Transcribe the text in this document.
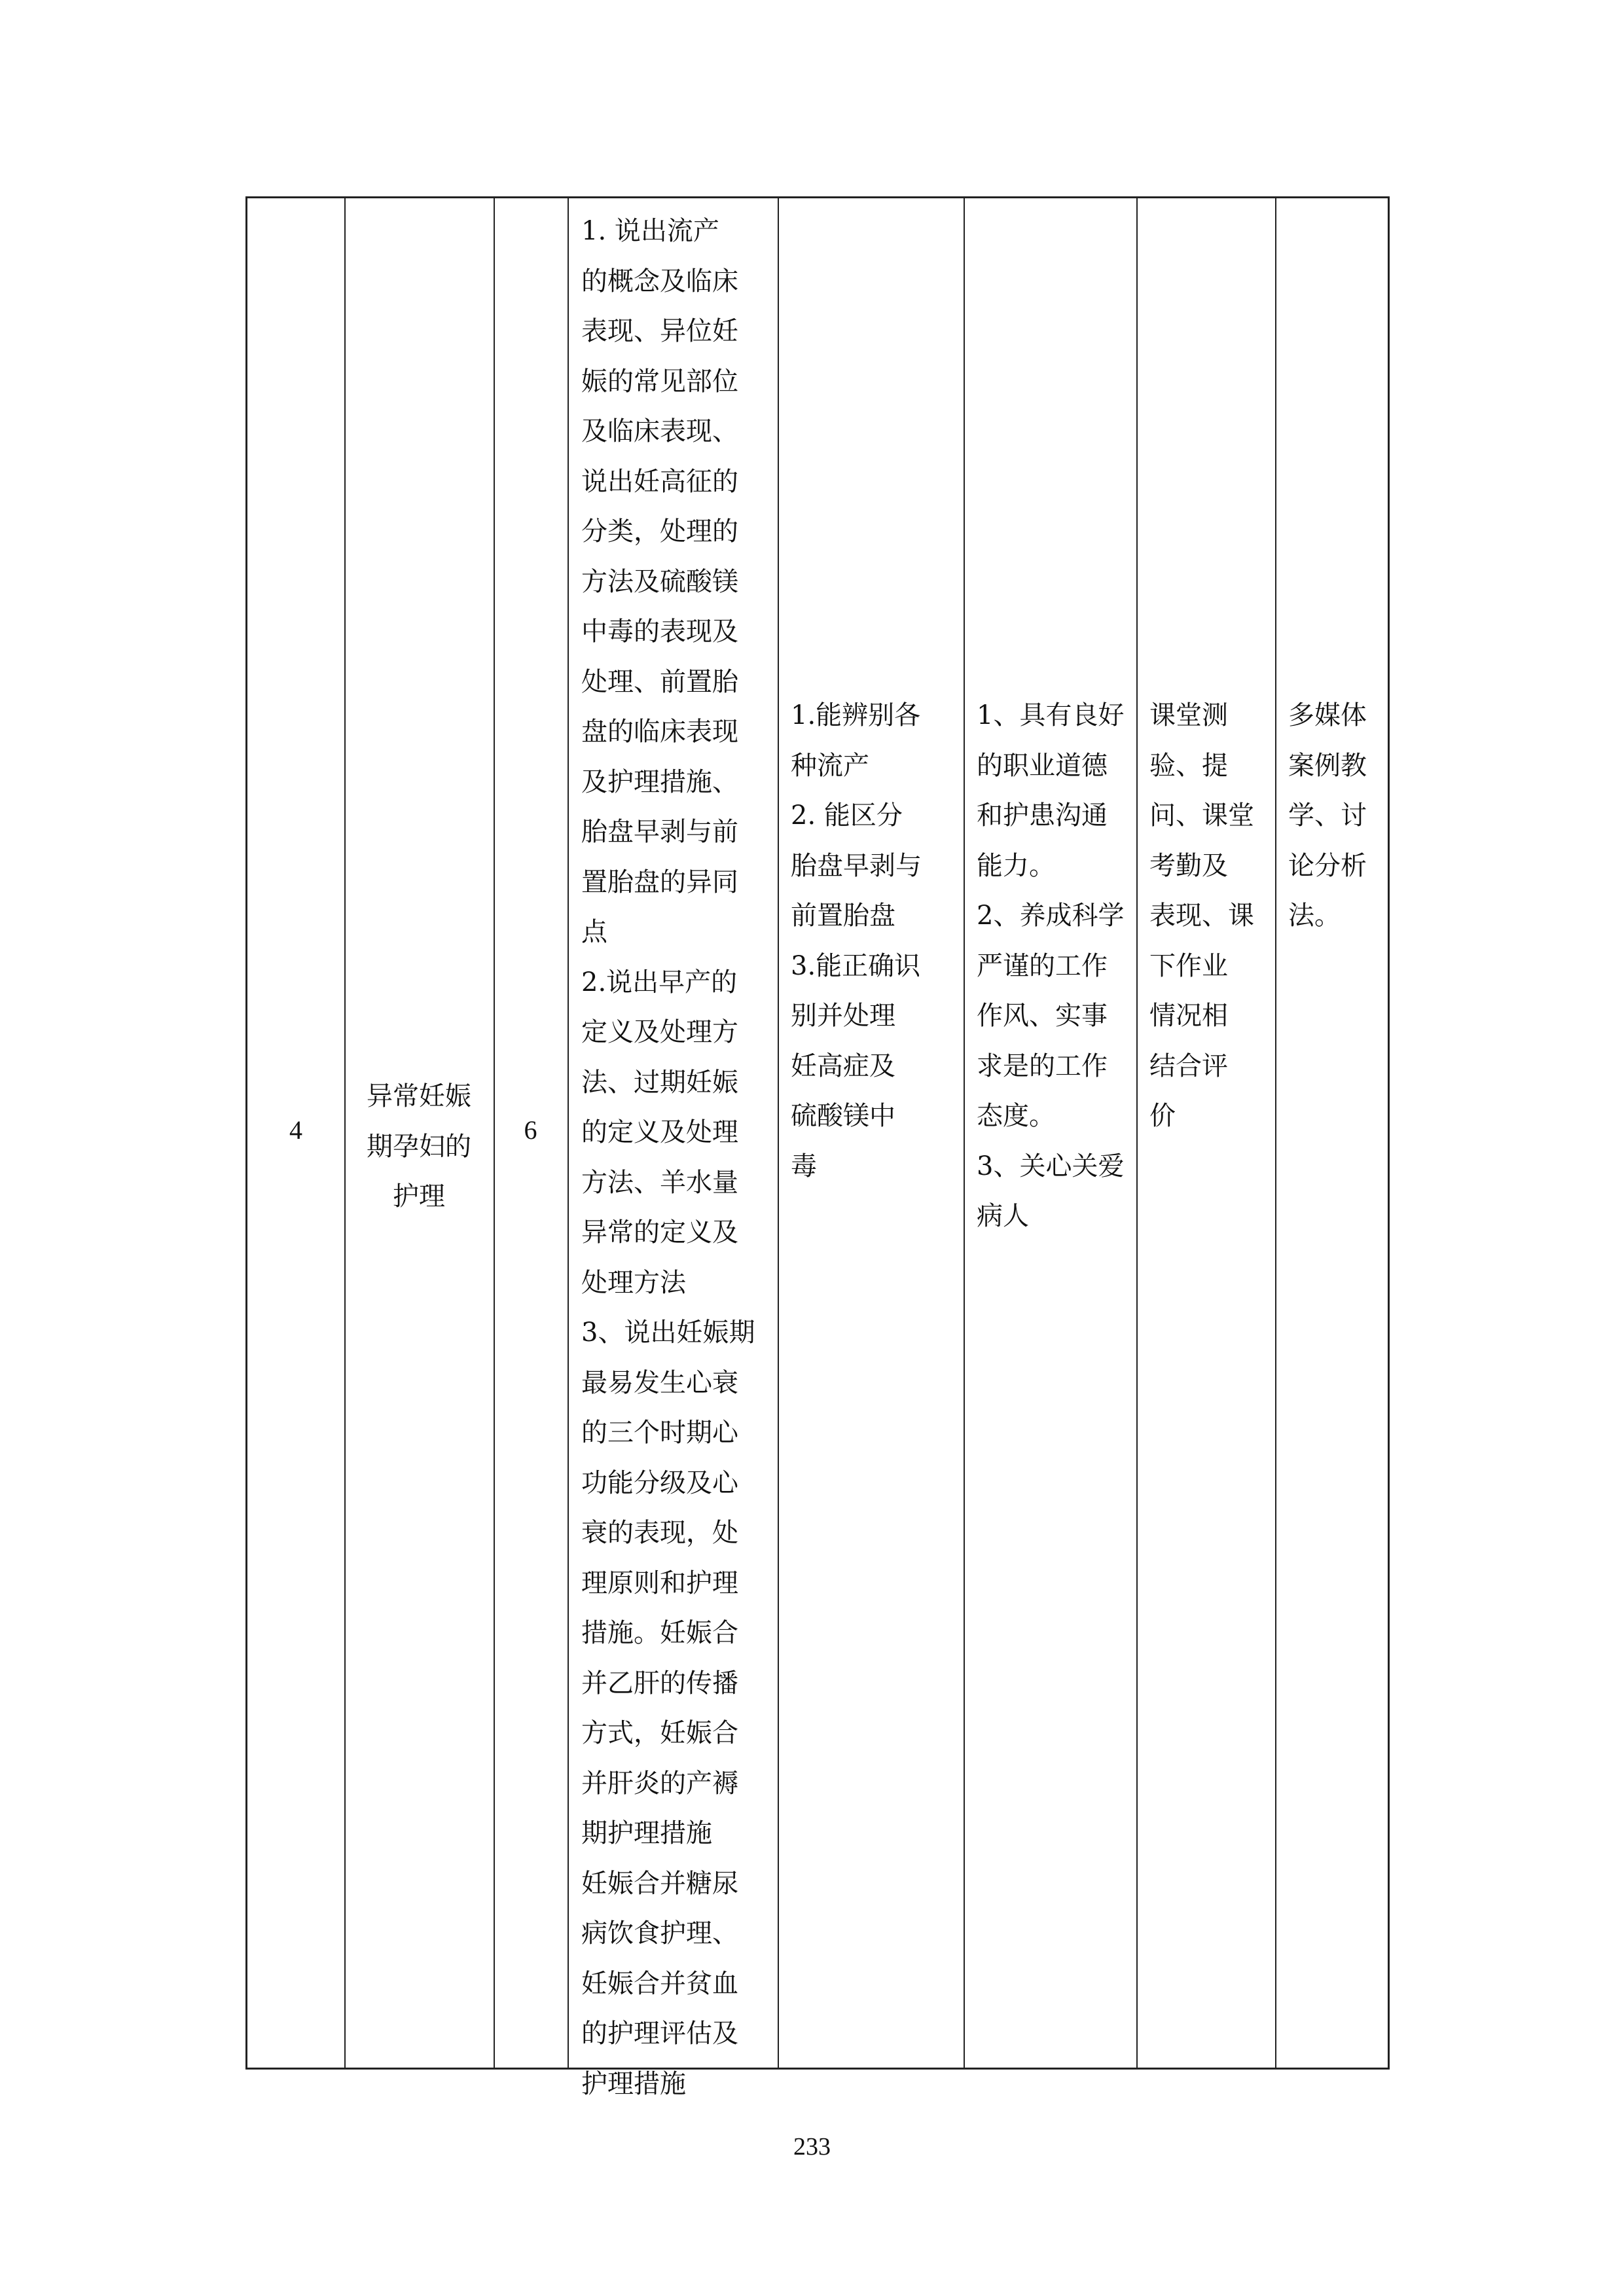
4
异常妊娠
期孕妇的
护理
6
1. 说出流产
的概念及临床
表现、异位妊
娠的常见部位
及临床表现、
说出妊高征的
分类，处理的
方法及硫酸镁
中毒的表现及
处理、前置胎
盘的临床表现
及护理措施、
胎盘早剥与前
置胎盘的异同
点
2.说出早产的
定义及处理方
法、过期妊娠
的定义及处理
方法、羊水量
异常的定义及
处理方法
3、说出妊娠期
最易发生心衰
的三个时期心
功能分级及心
衰的表现，处
理原则和护理
措施。妊娠合
并乙肝的传播
方式，妊娠合
并肝炎的产褥
期护理措施
妊娠合并糖尿
病饮食护理、
妊娠合并贫血
的护理评估及
护理措施
1.能辨别各
种流产
2. 能区分
胎盘早剥与
前置胎盘
3.能正确识
别并处理
妊高症及
硫酸镁中
毒
1、具有良好
的职业道德
和护患沟通
能力。
2、养成科学
严谨的工作
作风、实事
求是的工作
态度。
3、关心关爱
病人
课堂测
验、提
问、课堂
考勤及
表现、课
下作业
情况相
结合评
价
多媒体
案例教
学、讨
论分析
法。
233
